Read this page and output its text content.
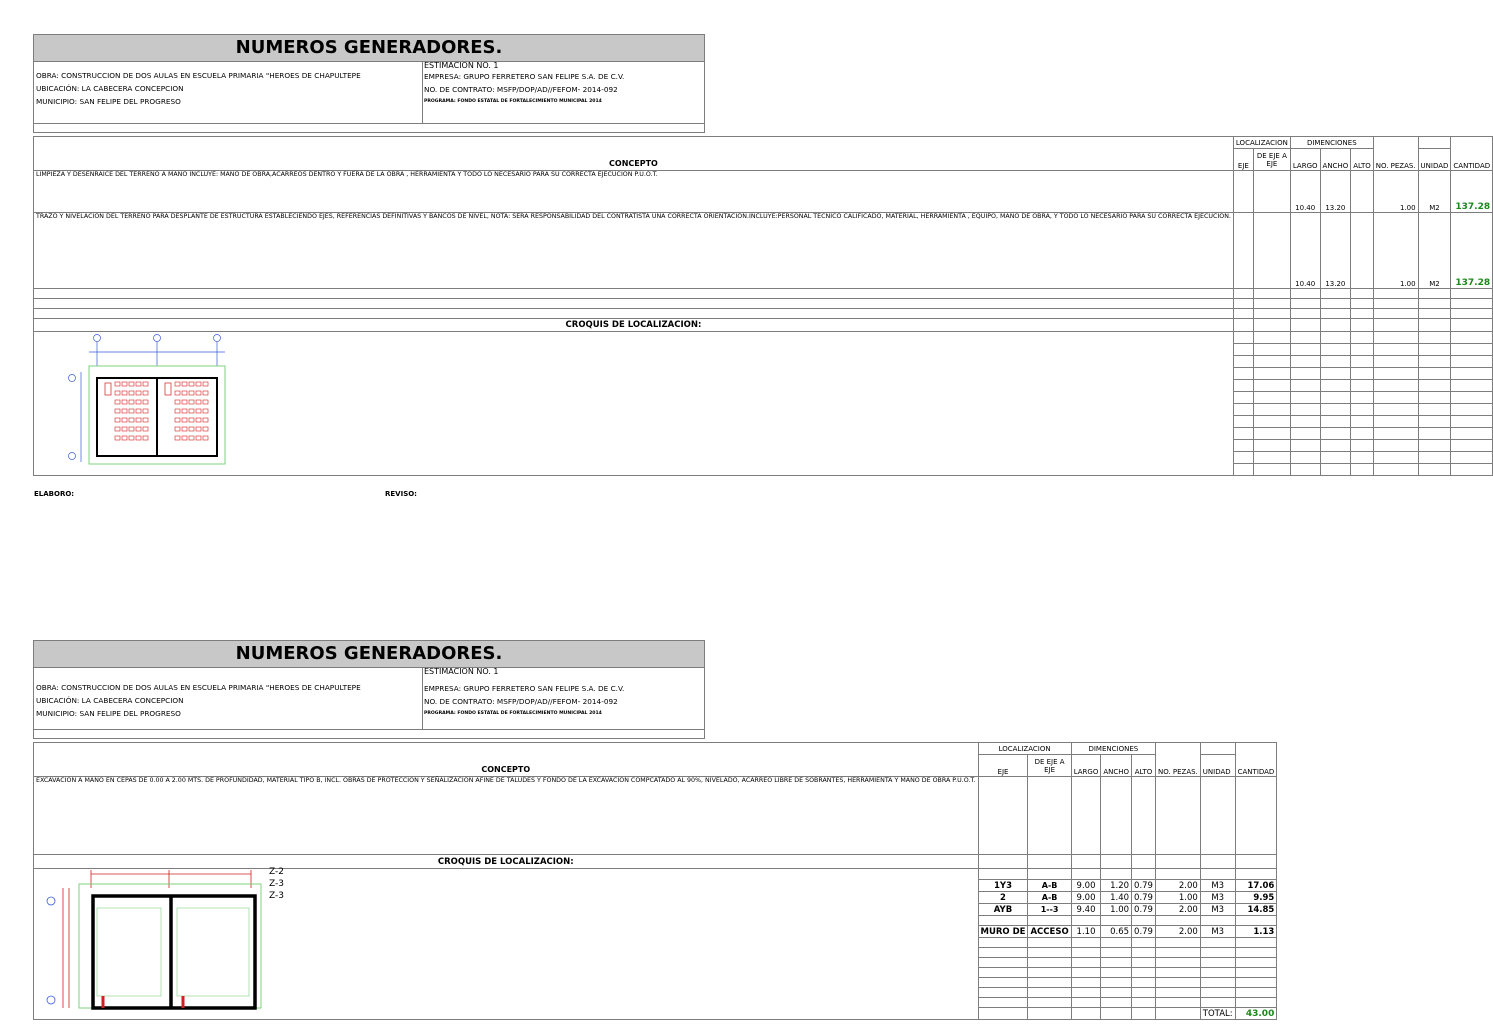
NUMEROS GENERADORES.
OBRA: CONSTRUCCION DE DOS AULAS EN ESCUELA PRIMARIA "HEROES DE CHAPULTEPE
UBICACIÓN: LA CABECERA CONCEPCION
MUNICIPIO: SAN FELIPE DEL PROGRESO
ESTIMACION NO. 1
EMPRESA: GRUPO FERRETERO SAN FELIPE S.A. DE C.V.
NO. DE CONTRATO: MSFP/DOP/AD//FEFOM- 2014-092
PROGRAMA: FONDO ESTATAL DE FORTALECIMIENTO MUNICIPAL 2014
CONCEPTO	LOCALIZACION		DIMENCIONES					
	EJE	DE EJE A
EJE	LARGO	ANCHO	ALTO	NO. PEZAS.	UNIDAD	CANTIDAD
LIMPIEZA Y DESENRAICE DEL TERRENO A MANO INCLUYE: MANO DE OBRA,ACARREOS DENTRO Y FUERA DE LA OBRA , HERRAMIENTA Y TODO LO NECESARIO PARA SU CORRECTA EJECUCION P.U.O.T.			10.40	13.20		1.00	M2	137.28
TRAZO Y NIVELACION DEL TERRENO PARA DESPLANTE DE ESTRUCTURA ESTABLECIENDO EJES, REFERENCIAS DEFINITIVAS Y BANCOS DE NIVEL, NOTA: SERA RESPONSABILIDAD DEL CONTRATISTA UNA CORRECTA ORIENTACION.INCLUYE:PERSONAL TECNICO CALIFICADO, MATERIAL, HERRAMIENTA , EQUIPO, MANO DE OBRA, Y TODO LO NECESARIO PARA SU CORRECTA EJECUCION.			10.40	13.20		1.00	M2	137.28

CROQUIS DE LOCALIZACION:								

ELABORO:	REVISO:
NUMEROS GENERADORES.
OBRA: CONSTRUCCION DE DOS AULAS EN ESCUELA PRIMARIA "HEROES DE CHAPULTEPE
UBICACIÓN: LA CABECERA CONCEPCION
MUNICIPIO: SAN FELIPE DEL PROGRESO
ESTIMACION NO. 1
EMPRESA: GRUPO FERRETERO SAN FELIPE S.A. DE C.V.
NO. DE CONTRATO: MSFP/DOP/AD//FEFOM- 2014-092
PROGRAMA: FONDO ESTATAL DE FORTALECIMIENTO MUNICIPAL 2014
CONCEPTO	LOCALIZACION		DIMENCIONES					
	EJE	DE EJE A
EJE	LARGO	ANCHO	ALTO	NO. PEZAS.	UNIDAD	CANTIDAD
EXCAVACION A MANO EN CEPAS DE 0.00 A 2.00 MTS. DE PROFUNDIDAD, MATERIAL TIPO B, INCL. OBRAS DE PROTECCION Y SEÑALIZACION AFINE DE TALUDES Y FONDO DE LA EXCAVACION COMPCATADO AL 90%, NIVELADO, ACARREO LIBRE DE SOBRANTES, HERRAMIENTA Y MANO DE OBRA P.U.O.T.								
CROQUIS DE LOCALIZACION:								

	1Y3	A-B	9.00	1.20	0.79	2.00	M3	17.06
	2	A-B	9.00	1.40	0.79	1.00	M3	9.95
	AYB	1--3	9.40	1.00	0.79	2.00	M3	14.85

	MURO DE	ACCESO	1.10	0.65	0.79	2.00	M3	1.13

							TOTAL:	43.00
Z-2
Z-3
Z-3
